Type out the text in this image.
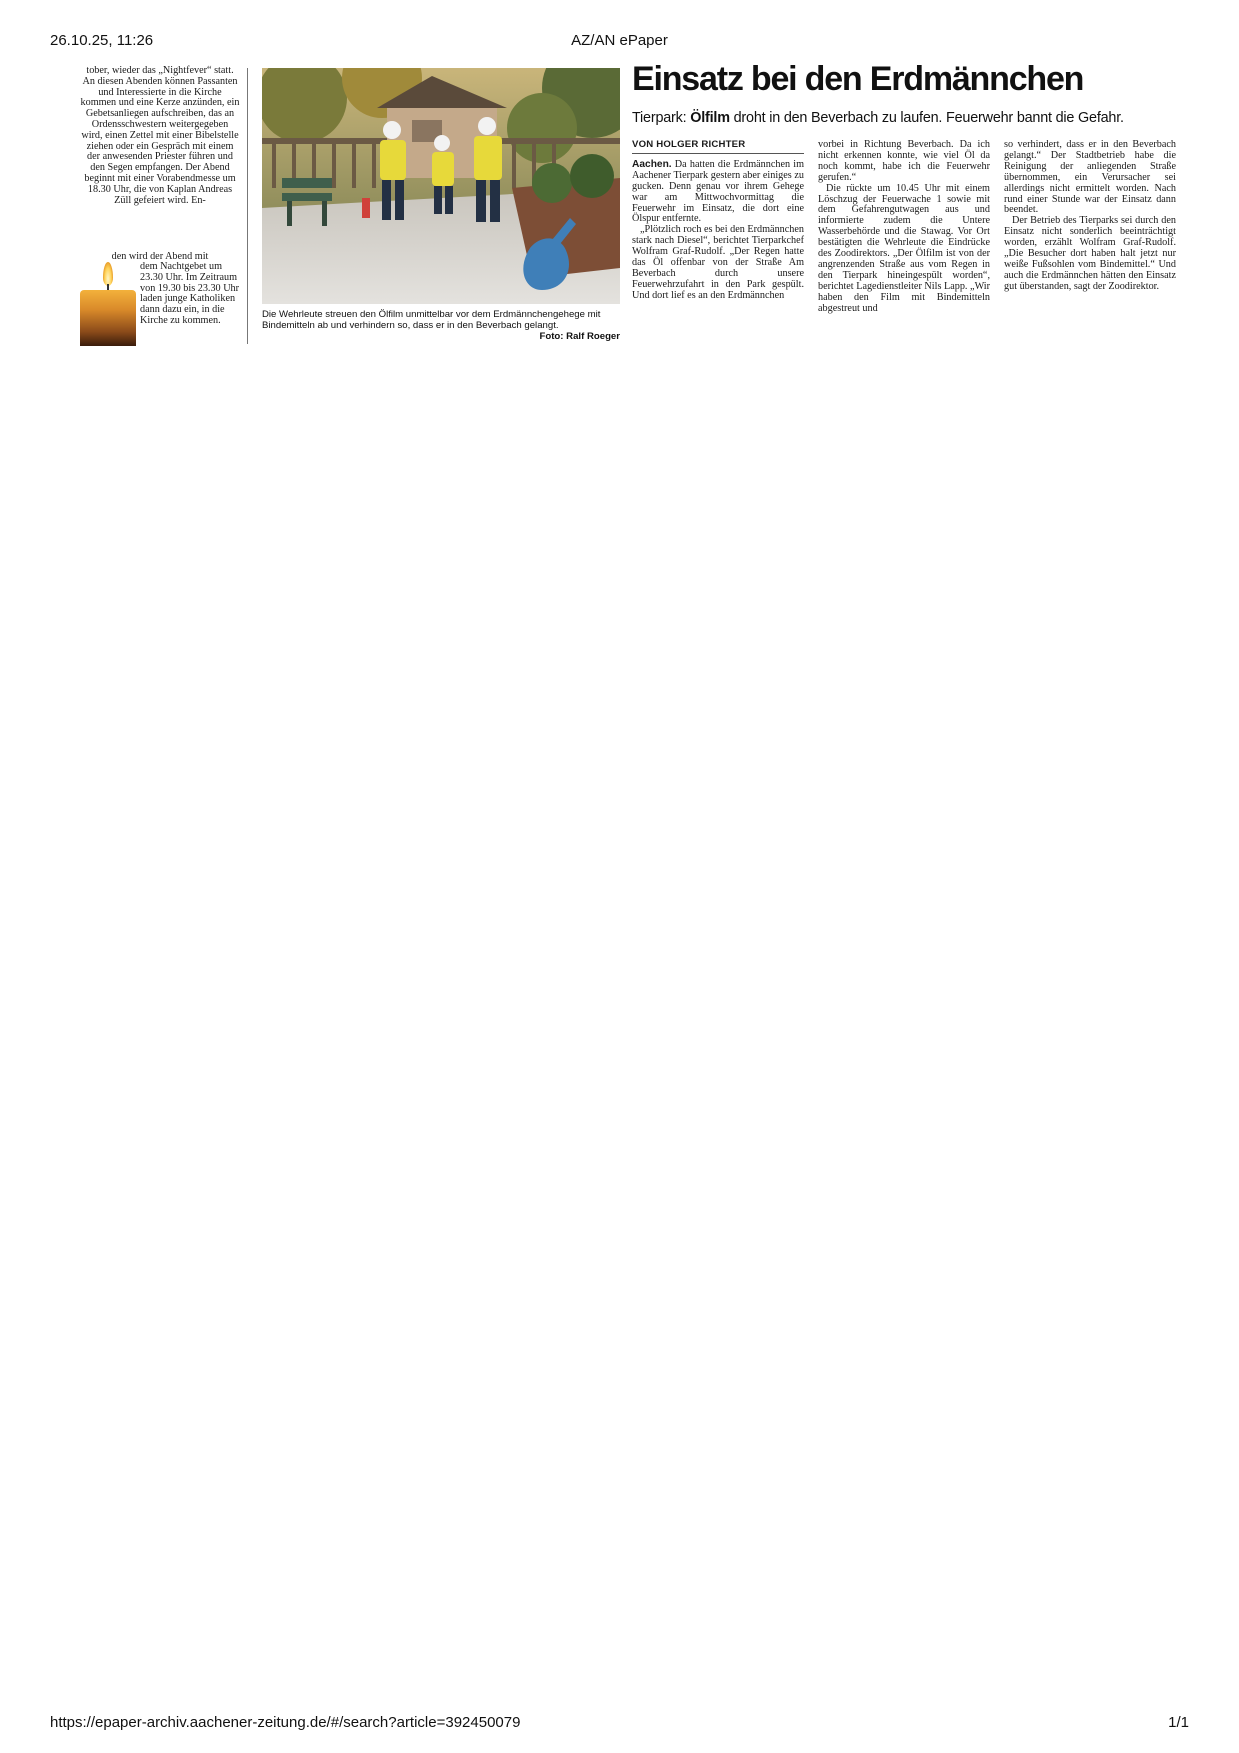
26.10.25, 11:26	AZ/AN ePaper

tober, wieder das „Nightfever“ statt. An diesen Abenden können Passanten und Interessierte in die Kirche kommen und eine Kerze anzünden, ein Gebetsanliegen aufschreiben, das an Ordensschwestern weitergegeben wird, einen Zettel mit einer Bibelstelle ziehen oder ein Gespräch mit einem der anwesenden Priester führen und den Segen empfangen. Der Abend beginnt mit einer Vorabendmesse um 18.30 Uhr, die von Kaplan Andreas Züll gefeiert wird. En-

den wird der Abend mit

dem Nachtgebet um 23.30 Uhr. Im Zeitraum von 19.30 bis 23.30 Uhr laden junge Katholiken dann dazu ein, in die Kirche zu kommen.

Die Wehrleute streuen den Ölfilm unmittelbar vor dem Erdmännchengehege mit Bindemitteln ab und verhindern so, dass er in den Beverbach gelangt.

Foto: Ralf Roeger
Einsatz bei den Erdmännchen

Tierpark: Ölfilm droht in den Beverbach zu laufen. Feuerwehr bannt die Gefahr.

VON HOLGER RICHTER

Aachen. Da hatten die Erdmännchen im Aachener Tierpark gestern aber einiges zu gucken. Denn genau vor ihrem Gehege war am Mittwochvormittag die Feuerwehr im Einsatz, die dort eine Ölspur entfernte.

„Plötzlich roch es bei den Erdmännchen stark nach Diesel“, berichtet Tierparkchef Wolfram Graf-Rudolf. „Der Regen hatte das Öl offenbar von der Straße Am Beverbach durch unsere Feuerwehrzufahrt in den Park gespült. Und dort lief es an den Erdmännchen

vorbei in Richtung Beverbach. Da ich nicht erkennen konnte, wie viel Öl da noch kommt, habe ich die Feuerwehr gerufen.“

Die rückte um 10.45 Uhr mit einem Löschzug der Feuerwache 1 sowie mit dem Gefahrengutwagen aus und informierte zudem die Untere Wasserbehörde und die Stawag. Vor Ort bestätigten die Wehrleute die Eindrücke des Zoodirektors. „Der Ölfilm ist von der angrenzenden Straße aus vom Regen in den Tierpark hineingespült worden“, berichtet Lagedienstleiter Nils Lapp. „Wir haben den Film mit Bindemitteln abgestreut und

so verhindert, dass er in den Beverbach gelangt.“ Der Stadtbetrieb habe die Reinigung der anliegenden Straße übernommen, ein Verursacher sei allerdings nicht ermittelt worden. Nach rund einer Stunde war der Einsatz dann beendet.

Der Betrieb des Tierparks sei durch den Einsatz nicht sonderlich beeinträchtigt worden, erzählt Wolfram Graf-Rudolf. „Die Besucher dort haben halt jetzt nur weiße Fußsohlen vom Bindemittel.“ Und auch die Erdmännchen hätten den Einsatz gut überstanden, sagt der Zoodirektor.

https://epaper-archiv.aachener-zeitung.de/#/search?article=392450079	1/1
